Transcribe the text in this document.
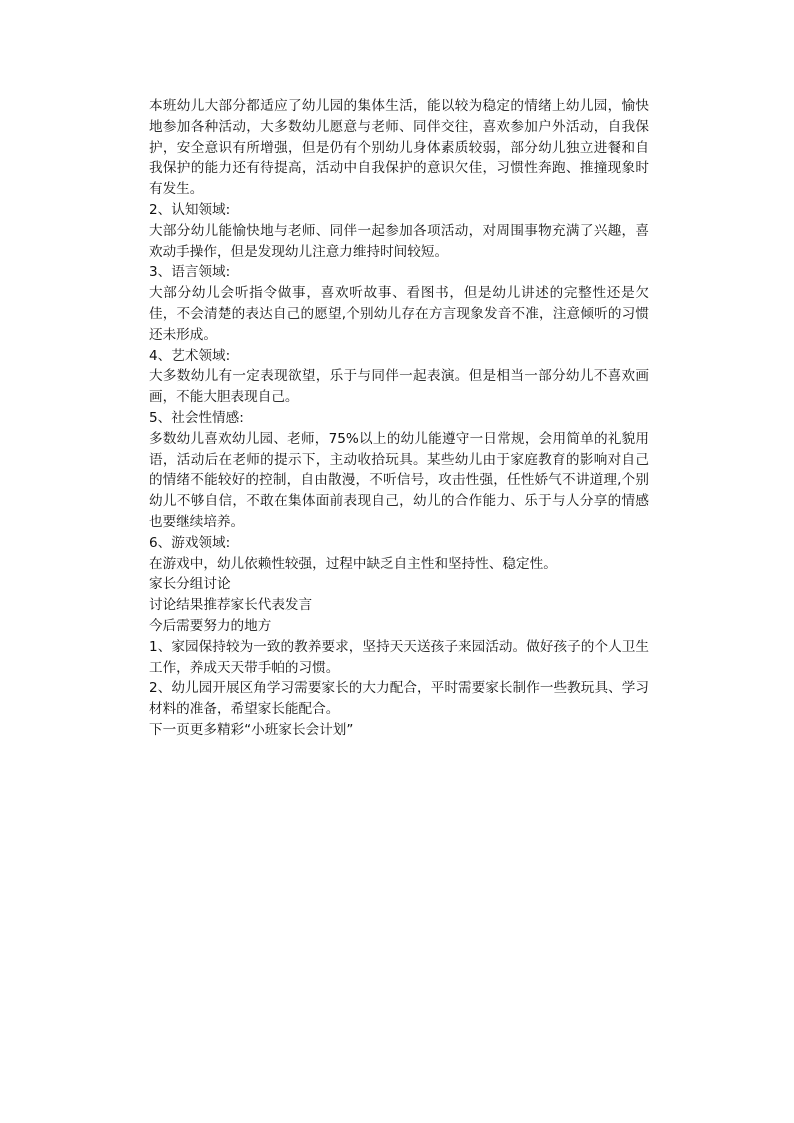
本班幼儿大部分都适应了幼儿园的集体生活，能以较为稳定的情绪上幼儿园，愉快地参加各种活动，大多数幼儿愿意与老师、同伴交往，喜欢参加户外活动，自我保护，安全意识有所增强，但是仍有个别幼儿身体素质较弱，部分幼儿独立进餐和自我保护的能力还有待提高，活动中自我保护的意识欠佳，习惯性奔跑、推撞现象时有发生。

2、认知领域:

大部分幼儿能愉快地与老师、同伴一起参加各项活动，对周围事物充满了兴趣，喜欢动手操作，但是发现幼儿注意力维持时间较短。

3、语言领域:

大部分幼儿会听指令做事，喜欢听故事、看图书，但是幼儿讲述的完整性还是欠佳，不会清楚的表达自己的愿望,个别幼儿存在方言现象发音不准，注意倾听的习惯还未形成。

4、艺术领域:

大多数幼儿有一定表现欲望，乐于与同伴一起表演。但是相当一部分幼儿不喜欢画画，不能大胆表现自己。

5、社会性情感:

多数幼儿喜欢幼儿园、老师，75%以上的幼儿能遵守一日常规，会用简单的礼貌用语，活动后在老师的提示下，主动收拾玩具。某些幼儿由于家庭教育的影响对自己的情绪不能较好的控制，自由散漫，不听信号，攻击性强，任性娇气不讲道理,个别幼儿不够自信，不敢在集体面前表现自己，幼儿的合作能力、乐于与人分享的情感也要继续培养。

6、游戏领域:

在游戏中，幼儿依赖性较强，过程中缺乏自主性和坚持性、稳定性。

家长分组讨论

讨论结果推荐家长代表发言

今后需要努力的地方

1、家园保持较为一致的教养要求，坚持天天送孩子来园活动。做好孩子的个人卫生工作，养成天天带手帕的习惯。

2、幼儿园开展区角学习需要家长的大力配合，平时需要家长制作一些教玩具、学习材料的准备，希望家长能配合。

下一页更多精彩“小班家长会计划”
